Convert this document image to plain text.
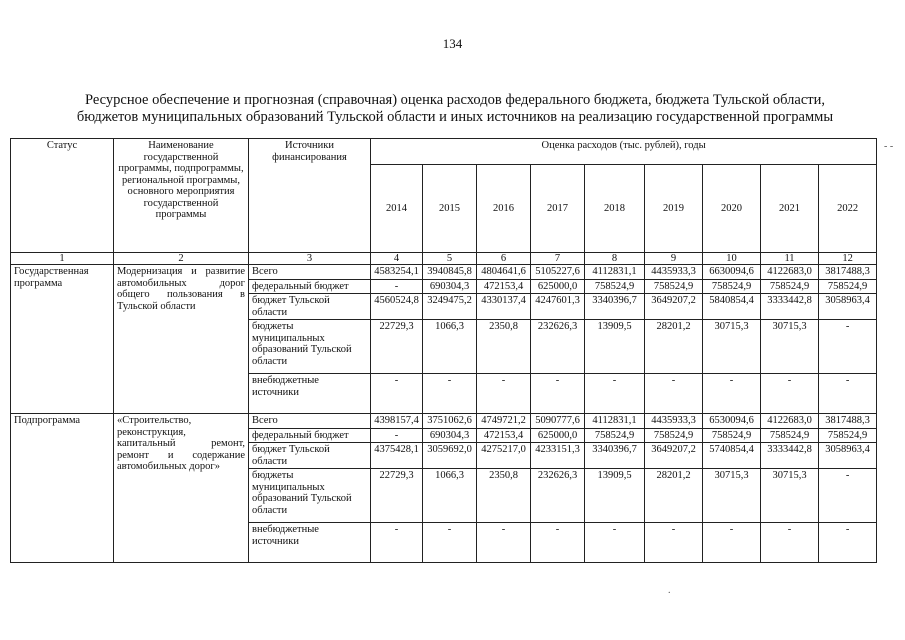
134
Ресурсное обеспечение и прогнозная (справочная) оценка расходов федерального бюджета, бюджета Тульской области,
бюджетов муниципальных образований Тульской области и иных источников на реализацию государственной программы
Статус	Наименование государственной программы, подпрограммы, региональной программы, основного мероприятия государственной программы	Источники финансирования	Оценка расходов (тыс. рублей), годы								
			2014	2015	2016	2017	2018	2019	2020	2021	2022
1	2	3	4	5	6	7	8	9	10	11	12
Государственная программа	Модернизация и развитие автомобильных дорог общего пользования в Тульской области	Всего	4583254,1	3940845,8	4804641,6	5105227,6	4112831,1	4435933,3	6630094,6	4122683,0	3817488,3
		федеральный бюджет	-	690304,3	472153,4	625000,0	758524,9	758524,9	758524,9	758524,9	758524,9
		бюджет Тульской области	4560524,8	3249475,2	4330137,4	4247601,3	3340396,7	3649207,2	5840854,4	3333442,8	3058963,4
		бюджеты муниципальных образований Тульской области	22729,3	1066,3	2350,8	232626,3	13909,5	28201,2	30715,3	30715,3	-
		внебюджетные источники	-	-	-	-	-	-	-	-	-
Подпрограмма	«Строительство, реконструкция, капитальный ремонт, ремонт и содержание автомобильных дорог»	Всего	4398157,4	3751062,6	4749721,2	5090777,6	4112831,1	4435933,3	6530094,6	4122683,0	3817488,3
		федеральный бюджет	-	690304,3	472153,4	625000,0	758524,9	758524,9	758524,9	758524,9	758524,9
		бюджет Тульской области	4375428,1	3059692,0	4275217,0	4233151,3	3340396,7	3649207,2	5740854,4	3333442,8	3058963,4
		бюджеты муниципальных образований Тульской области	22729,3	1066,3	2350,8	232626,3	13909,5	28201,2	30715,3	30715,3	-
		внебюджетные источники	-	-	-	-	-	-	-	-	-
- -
.
